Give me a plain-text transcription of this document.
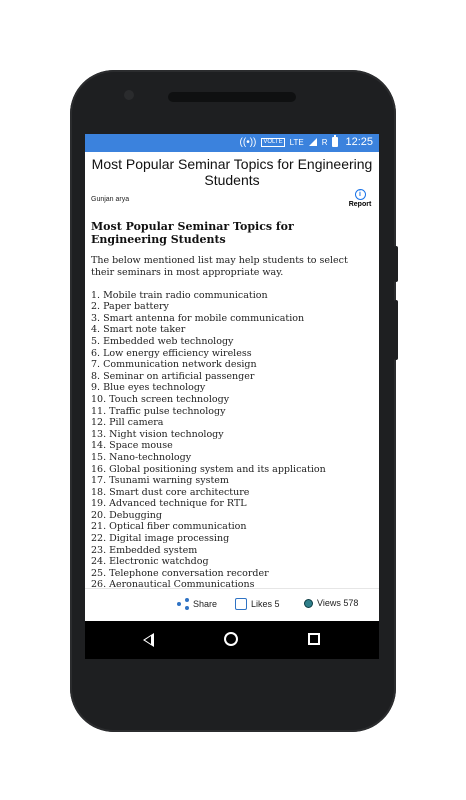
((•))	VOLTE LTE R 12:25
Most Popular Seminar Topics for Engineering Students
Gunjan arya
i
Report
Most Popular Seminar Topics for Engineering Students
The below mentioned list may help students to select their seminars in most appropriate way.
1. Mobile train radio communication
2. Paper battery
3. Smart antenna for mobile communication
4. Smart note taker
5. Embedded web technology
6. Low energy efficiency wireless
7. Communication network design
8. Seminar on artificial passenger
9. Blue eyes technology
10. Touch screen technology
11. Traffic pulse technology
12. Pill camera
13. Night vision technology
14. Space mouse
15. Nano-technology
16. Global positioning system and its application
17. Tsunami warning system
18. Smart dust core architecture
19. Advanced technique for RTL
20. Debugging
21. Optical fiber communication
22. Digital image processing
23. Embedded system
24. Electronic watchdog
25. Telephone conversation recorder
26. Aeronautical Communications
Share	Likes 5	Views 578
